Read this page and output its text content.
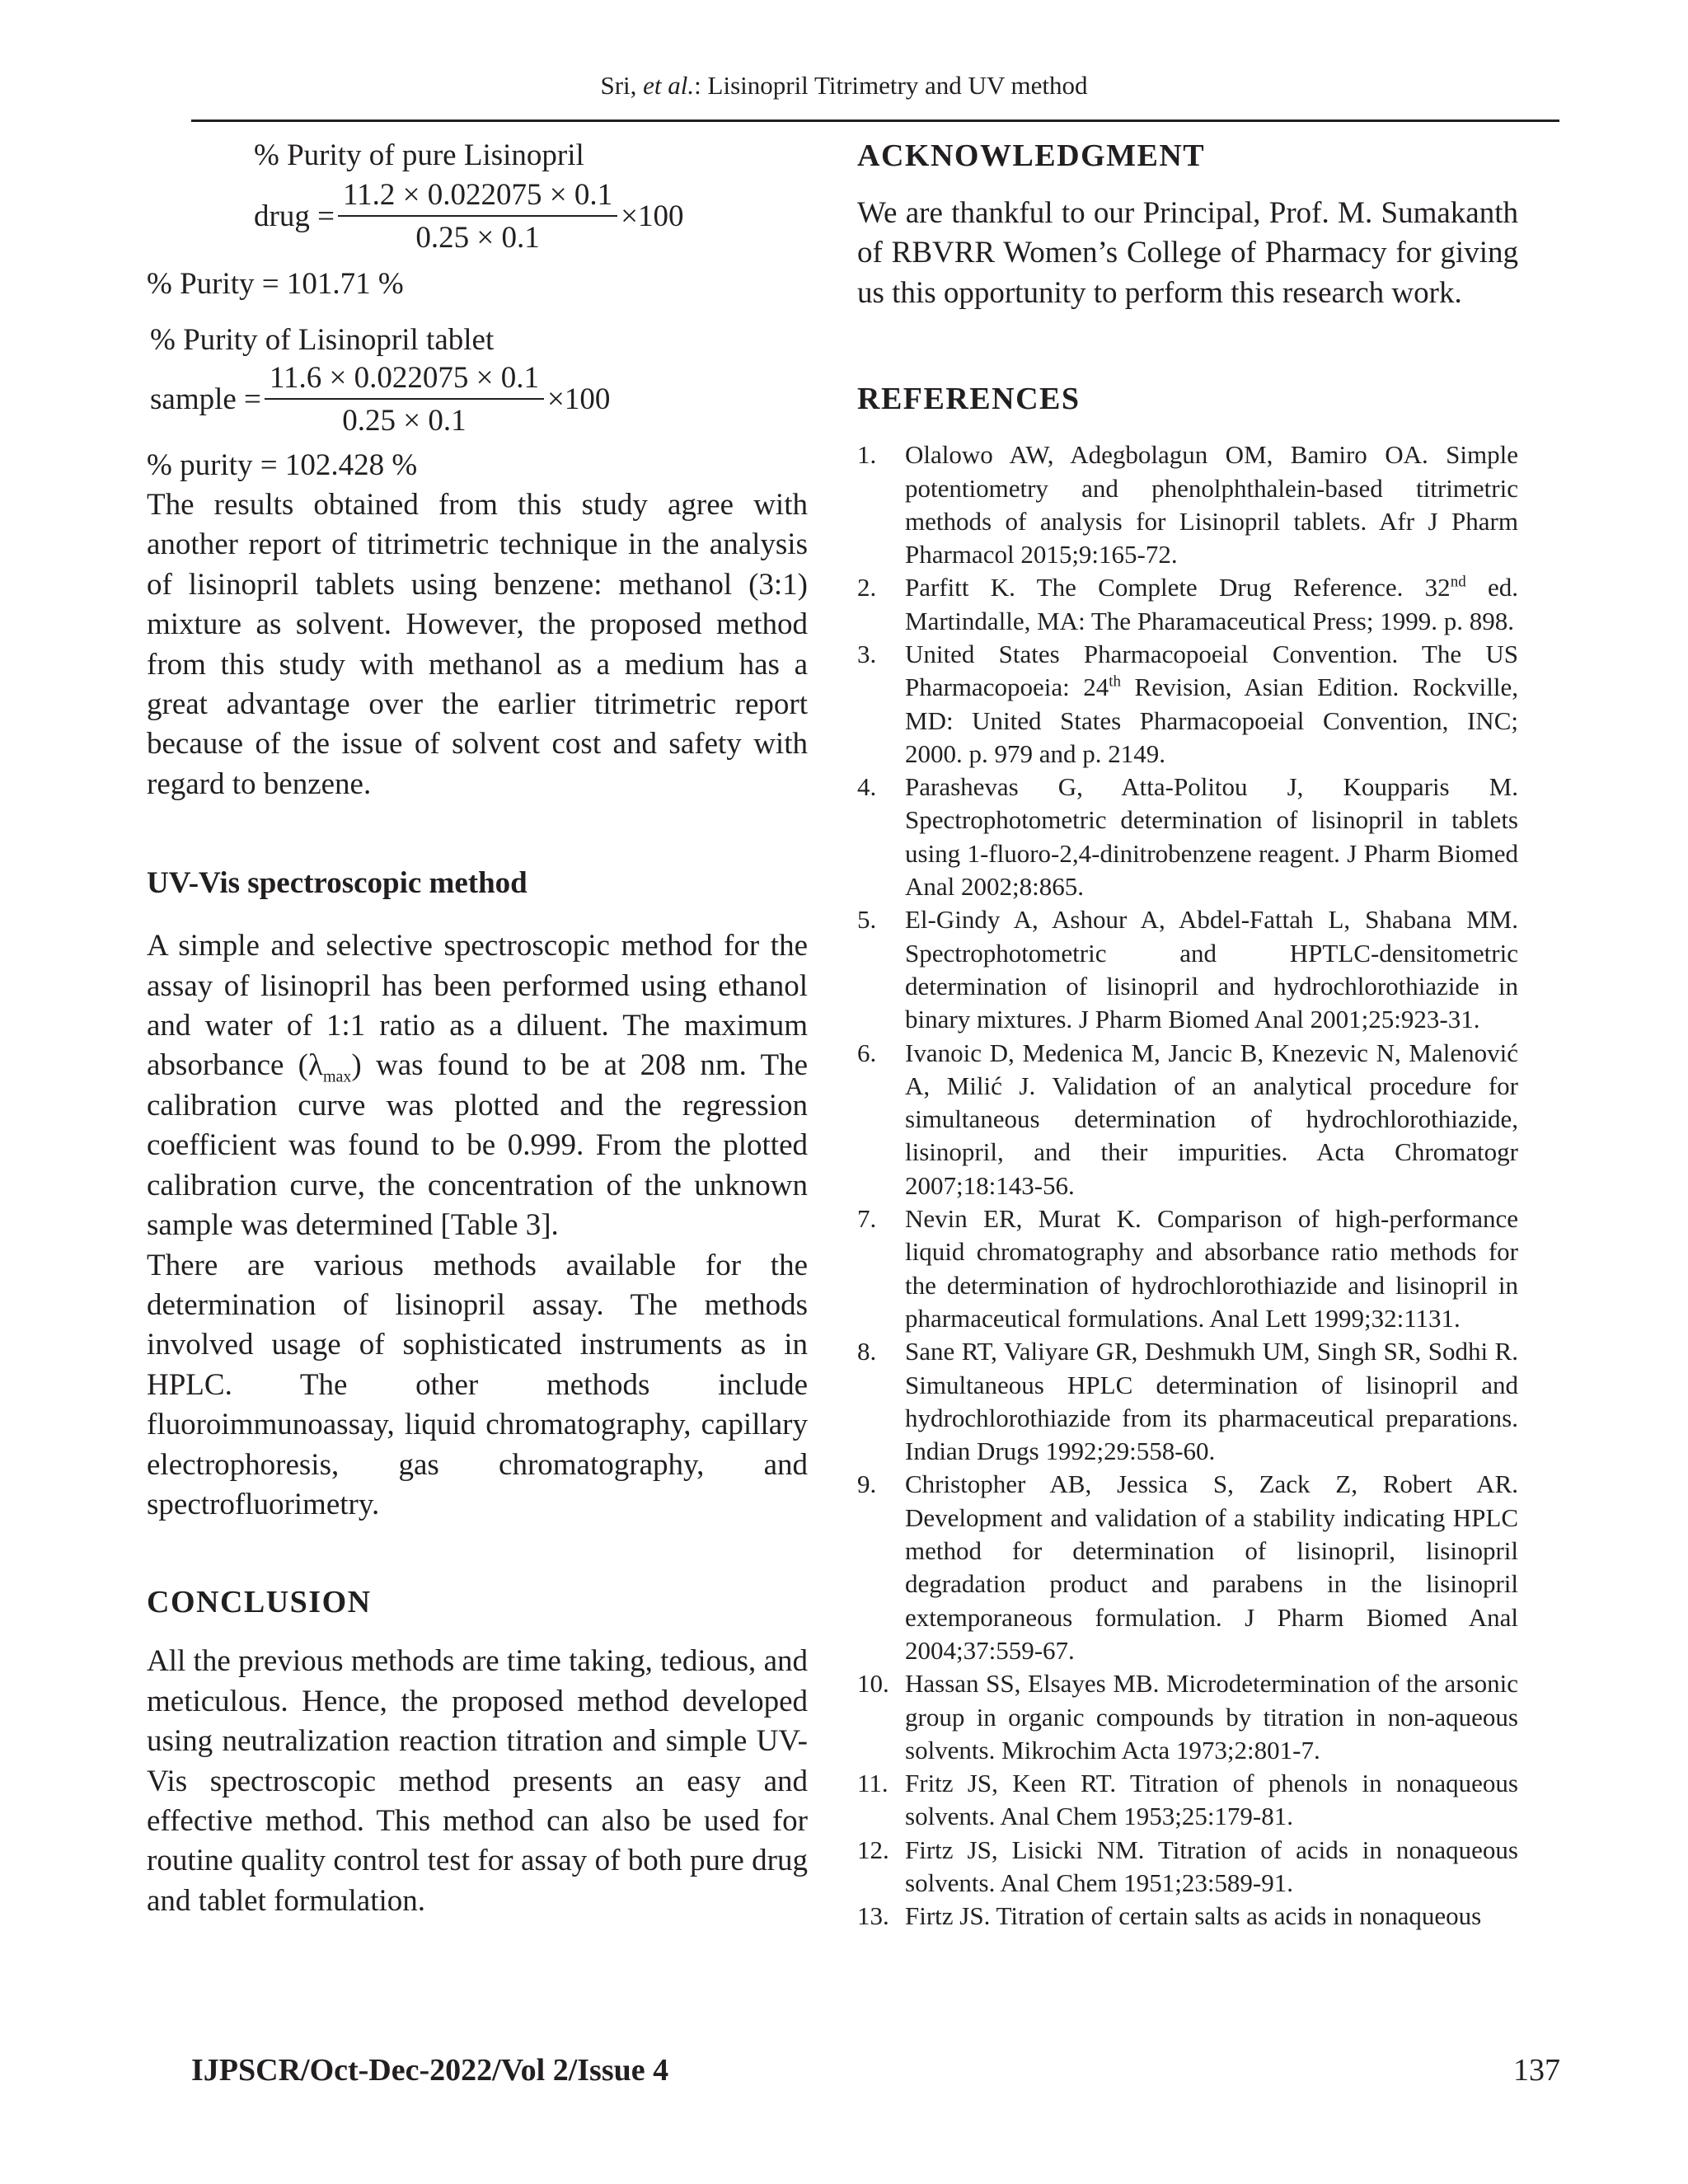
Sri, et al.: Lisinopril Titrimetry and UV method
% Purity of pure Lisinopril
drug = $\frac{11.2 \times 0.022075 \times 0.1}{0.25 \times 0.1} \times 100$
% Purity = 101.71 %
% Purity of Lisinopril tablet
sample = $\frac{11.6 \times 0.022075 \times 0.1}{0.25 \times 0.1} \times 100$
% purity = 102.428 %

The results obtained from this study agree with another report of titrimetric technique in the analysis of lisinopril tablets using benzene: methanol (3:1) mixture as solvent. However, the proposed method from this study with methanol as a medium has a great advantage over the earlier titrimetric report because of the issue of solvent cost and safety with regard to benzene.

UV-Vis spectroscopic method

A simple and selective spectroscopic method for the assay of lisinopril has been performed using ethanol and water of 1:1 ratio as a diluent. The maximum absorbance $(\lambda_{max})$ was found to be at 208 nm. The calibration curve was plotted and the regression coefficient was found to be 0.999. From the plotted calibration curve, the concentration of the unknown sample was determined [Table 3].

There are various methods available for the determination of lisinopril assay. The methods involved usage of sophisticated instruments as in HPLC. The other methods include fluoroimmunoassay, liquid chromatography, capillary electrophoresis, gas chromatography, and spectrofluorimetry.

CONCLUSION

All the previous methods are time taking, tedious, and meticulous. Hence, the proposed method developed using neutralization reaction titration and simple UV-Vis spectroscopic method presents an easy and effective method. This method can also be used for routine quality control test for assay of both pure drug and tablet formulation.

ACKNOWLEDGMENT

We are thankful to our Principal, Prof. M. Sumakanth of RBVRR Women’s College of Pharmacy for giving us this opportunity to perform this research work.

REFERENCES
1.	Olalowo AW, Adegbolagun OM, Bamiro OA. Simple potentiometry and phenolphthalein-based titrimetric methods of analysis for Lisinopril tablets. Afr J Pharm Pharmacol 2015;9:165-72.
2.	Parfitt K. The Complete Drug Reference. 32nd ed. Martindalle, MA: The Pharamaceutical Press; 1999. p. 898.
3.	United States Pharmacopoeial Convention. The US Pharmacopoeia: 24th Revision, Asian Edition. Rockville, MD: United States Pharmacopoeial Convention, INC; 2000. p. 979 and p. 2149.
4.	Parashevas G, Atta-Politou J, Koupparis M. Spectrophotometric determination of lisinopril in tablets using 1-fluoro-2,4-dinitrobenzene reagent. J Pharm Biomed Anal 2002;8:865.
5.	El-Gindy A, Ashour A, Abdel-Fattah L, Shabana MM. Spectrophotometric and HPTLC-densitometric determination of lisinopril and hydrochlorothiazide in binary mixtures. J Pharm Biomed Anal 2001;25:923-31.
6.	Ivanoic D, Medenica M, Jancic B, Knezevic N, Malenović A, Milić J. Validation of an analytical procedure for simultaneous determination of hydrochlorothiazide, lisinopril, and their impurities. Acta Chromatogr 2007;18:143-56.
7.	Nevin ER, Murat K. Comparison of high-performance liquid chromatography and absorbance ratio methods for the determination of hydrochlorothiazide and lisinopril in pharmaceutical formulations. Anal Lett 1999;32:1131.
8.	Sane RT, Valiyare GR, Deshmukh UM, Singh SR, Sodhi R. Simultaneous HPLC determination of lisinopril and hydrochlorothiazide from its pharmaceutical preparations. Indian Drugs 1992;29:558-60.
9.	Christopher AB, Jessica S, Zack Z, Robert AR. Development and validation of a stability indicating HPLC method for determination of lisinopril, lisinopril degradation product and parabens in the lisinopril extemporaneous formulation. J Pharm Biomed Anal 2004;37:559-67.
10. Hassan SS, Elsayes MB. Microdetermination of the arsonic group in organic compounds by titration in non-aqueous solvents. Mikrochim Acta 1973;2:801-7.
11. Fritz JS, Keen RT. Titration of phenols in nonaqueous solvents. Anal Chem 1953;25:179-81.
12. Firtz JS, Lisicki NM. Titration of acids in nonaqueous solvents. Anal Chem 1951;23:589-91.
13. Firtz JS. Titration of certain salts as acids in nonaqueous
IJPSCR/Oct-Dec-2022/Vol 2/Issue 4	137
